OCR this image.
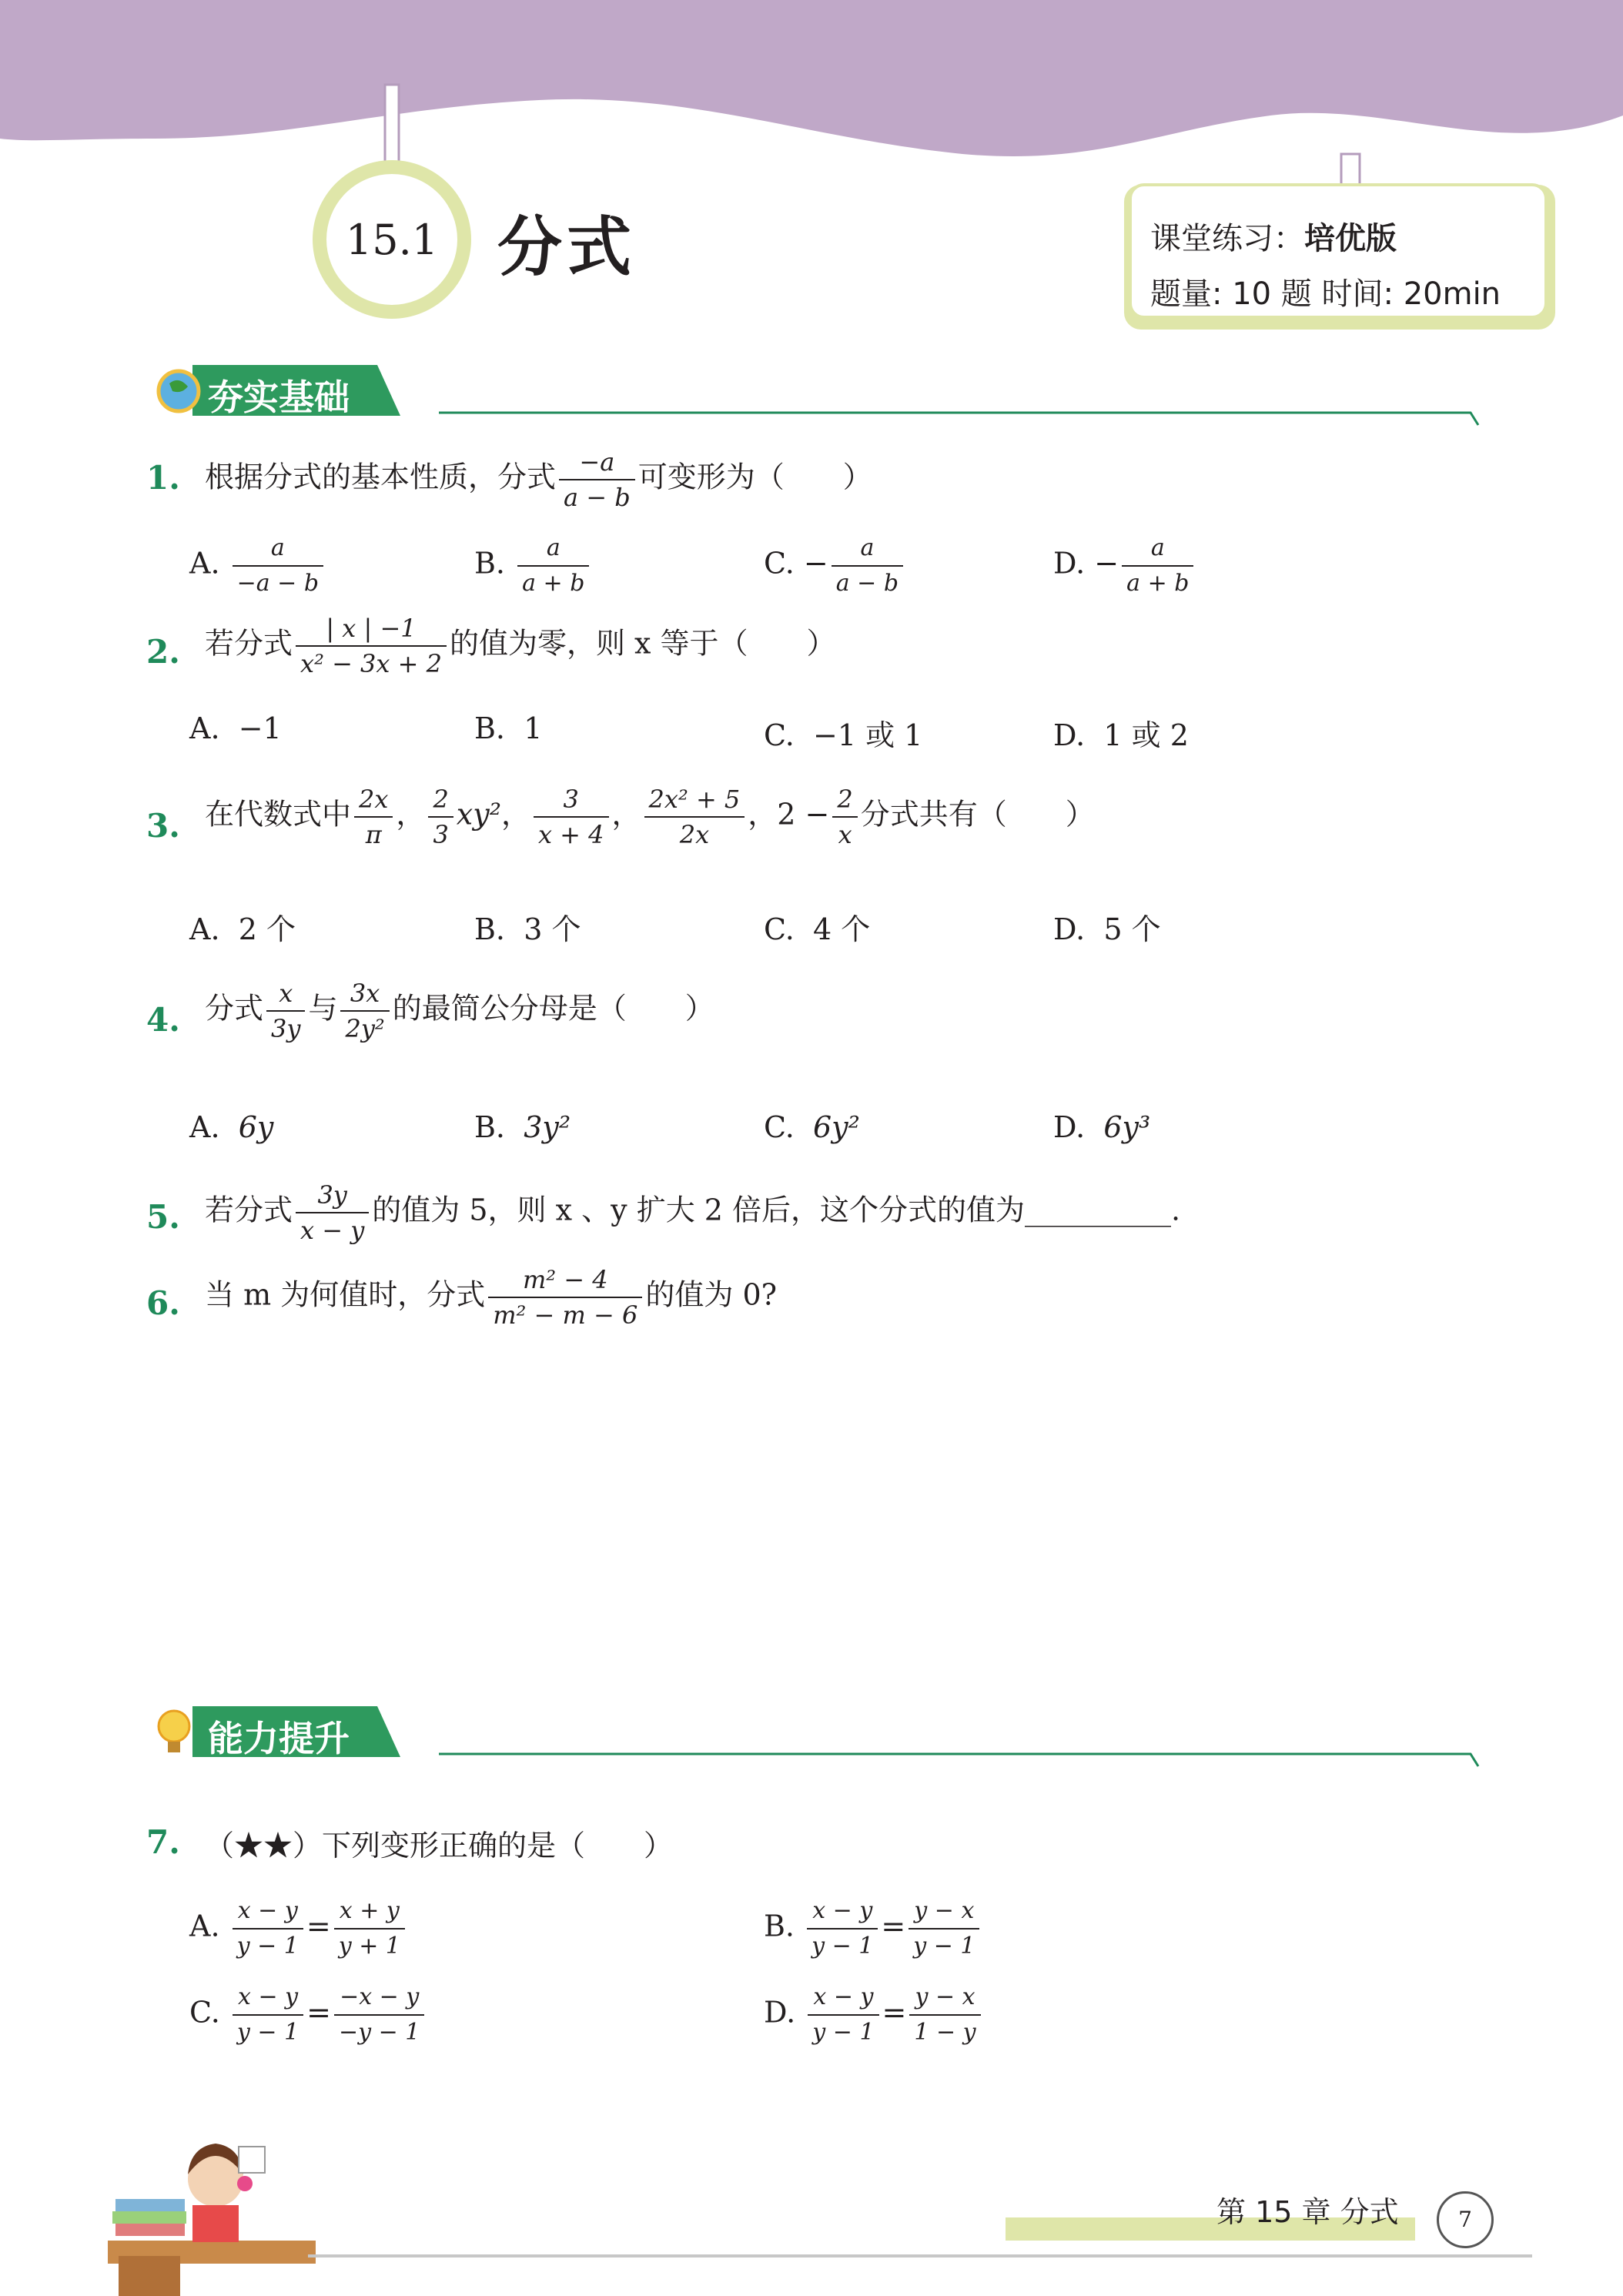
15.1 分式	课堂练习：培优版
题量: 10 题 时间: 20min
夯实基础
1. 根据分式的基本性质，分式 $\frac{-a}{a - b}$ 可变形为（　　）
A. $\frac{a}{-a - b}$	B. $\frac{a}{a + b}$	C. − $\frac{a}{a - b}$	D. − $\frac{a}{a + b}$
2. 若分式 $\frac{| x | -1}{\text{x² − 3x + 2}}$ 的值为零，则 x 等于（　　）
A. −1	B. 1	C. −1 或 1	D. 1 或 2
3. 在代数式中 $\frac{2x}{\pi}$ ， $\frac{2}{3} xy^2$， $\frac{3}{x + 4}$ ， $\frac{\text{2x² + 5}}{2x}$ ，$2 - \frac{2}{x}$ 分式共有（　　）
A. 2 个	B. 3 个	C. 4 个	D. 5 个
4. 分式 $\frac{x}{3y}$ 与 $\frac{3x}{\text{2y²}}$ 的最简公分母是（　　）
A. 6y	B. 3y²	C. 6y²	D. 6y³
5. 若分式 $\frac{3y}{x - y}$ 的值为 5，则 x 、y 扩大 2 倍后，这个分式的值为__________.
6. 当 m 为何值时，分式 $\frac{\text{m² − 4}}{\text{m² − m − 6}}$ 的值为 0?
能力提升
7. （★★）下列变形正确的是（　　）
A. $\frac{x - y}{y - 1} = \frac{x + y}{y + 1}$	B. $\frac{x - y}{y - 1} = \frac{y - x}{y - 1}$
C. $\frac{x - y}{y - 1} = \frac{-x - y}{-y - 1}$	D. $\frac{x - y}{y - 1} = \frac{y - x}{1 - y}$
第 15 章 分式	7
